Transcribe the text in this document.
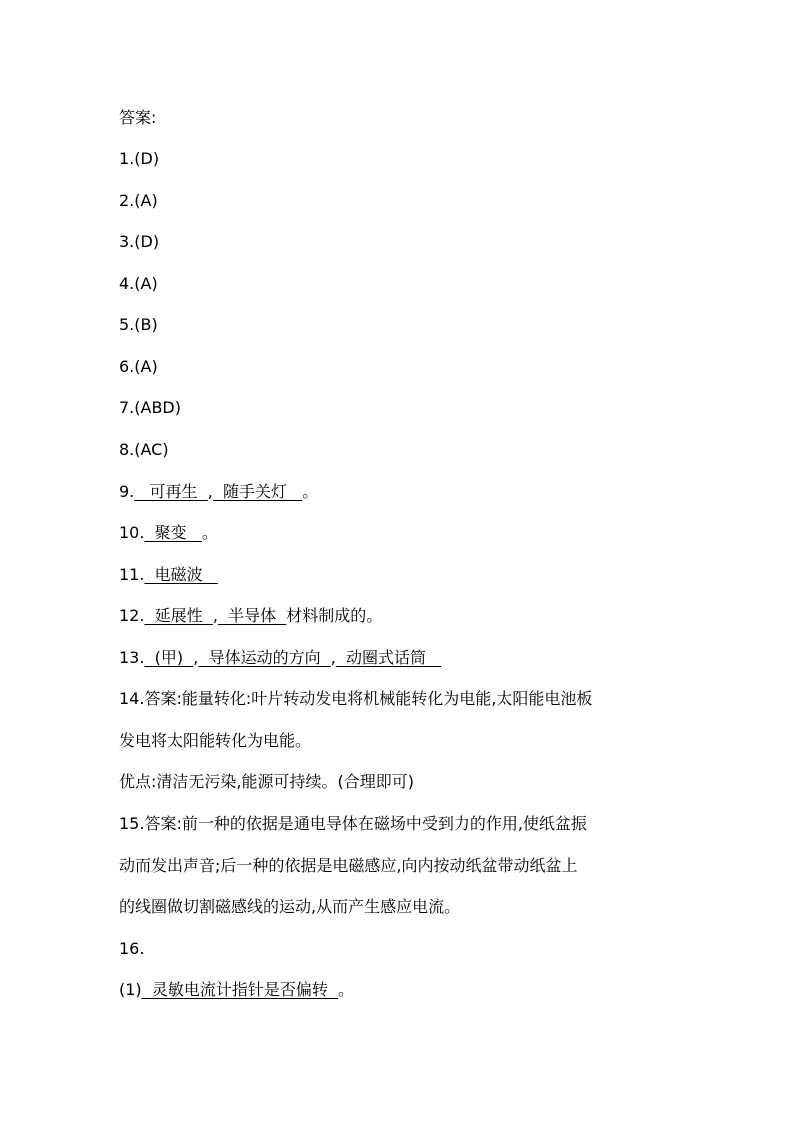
答案:
1.(D)
2.(A)
3.(D)
4.(A)
5.(B)
6.(A)
7.(ABD)
8.(AC)
9.   可再生  ,  随手关灯   。
10.  聚变   。
11.  电磁波
12.  延展性  ,  半导体  材料制成的。
13.  (甲)  ,  导体运动的方向  ,  动圈式话筒
14.答案:能量转化:叶片转动发电将机械能转化为电能,太阳能电池板
发电将太阳能转化为电能。
优点:清洁无污染,能源可持续。(合理即可)
15.答案:前一种的依据是通电导体在磁场中受到力的作用,使纸盆振
动而发出声音;后一种的依据是电磁感应,向内按动纸盆带动纸盆上
的线圈做切割磁感线的运动,从而产生感应电流。
16.
(1)  灵敏电流计指针是否偏转  。
